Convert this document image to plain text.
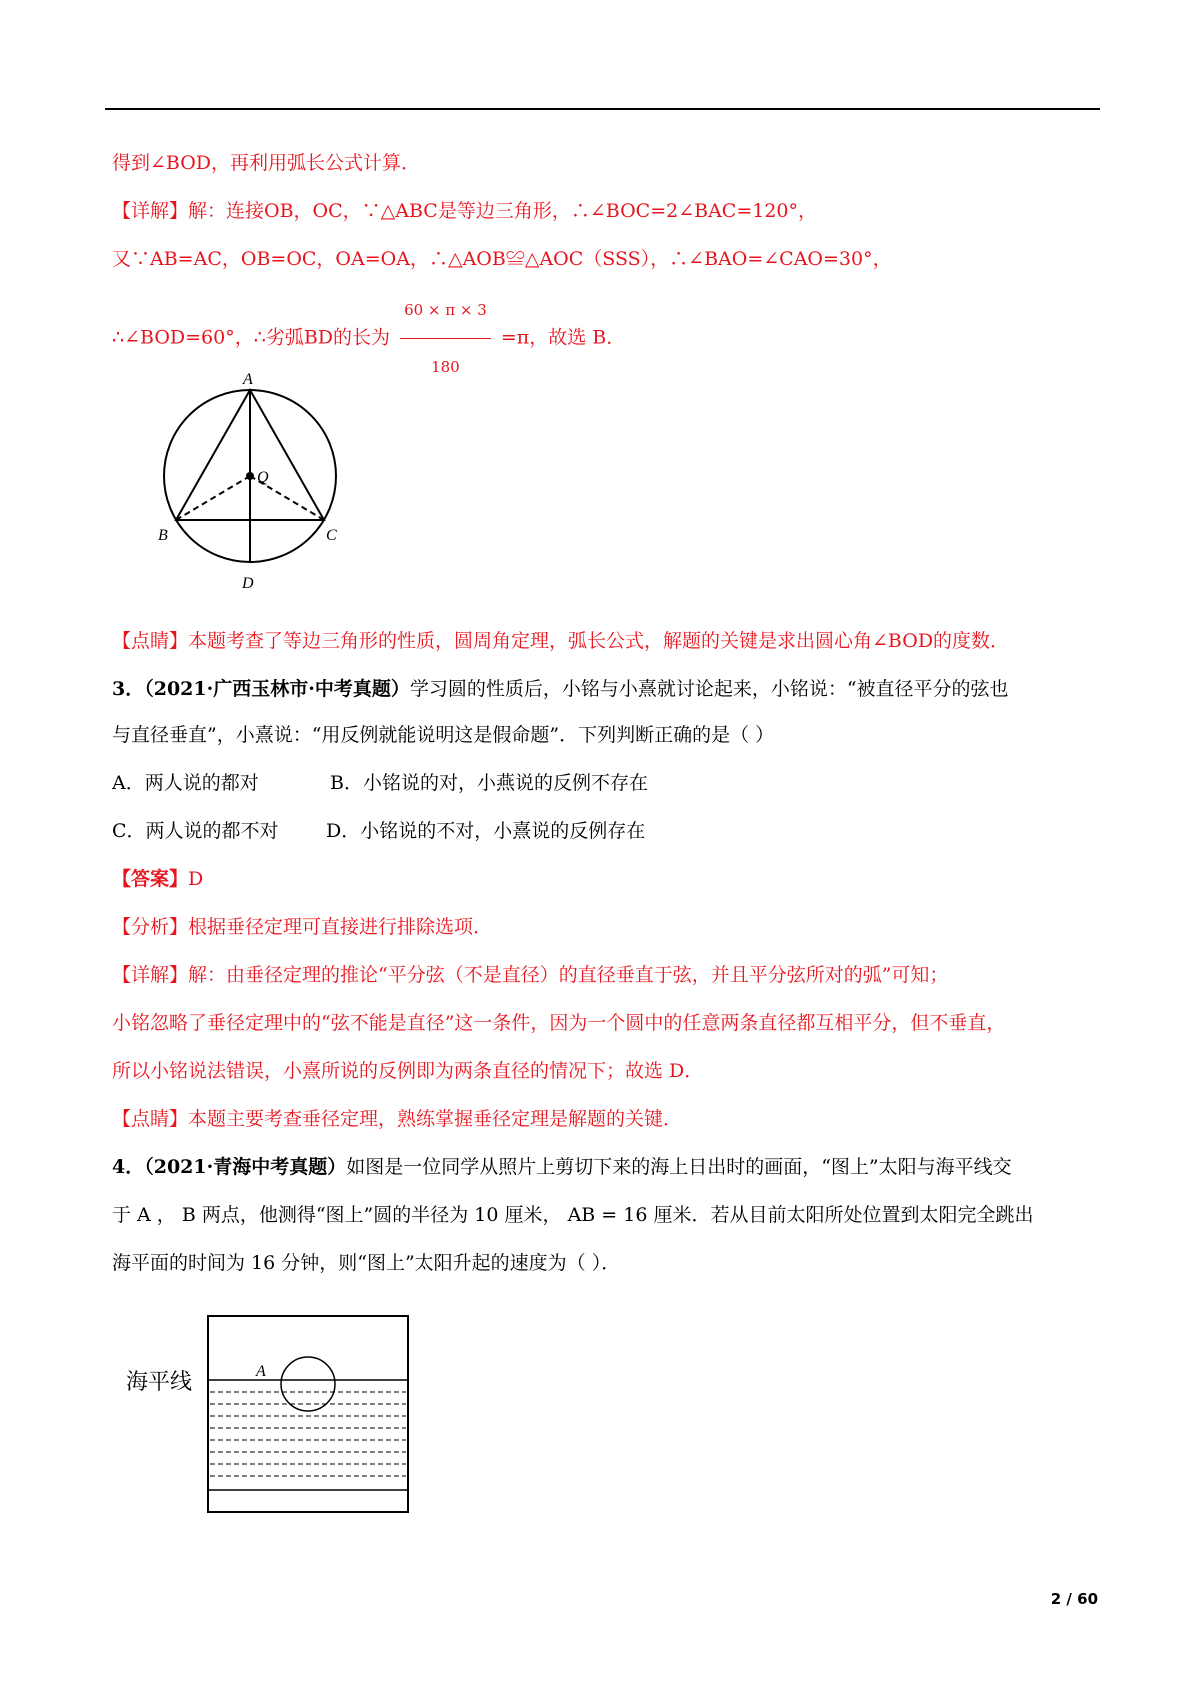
得到∠BOD，再利用弧长公式计算．
【详解】解：连接OB，OC，∵△ABC是等边三角形，∴∠BOC=2∠BAC=120°，
又∵AB=AC，OB=OC，OA=OA，∴△AOB≌△AOC（SSS），∴∠BAO=∠CAO=30°，
∴∠BOD=60°，∴劣弧BD的长为 $\frac{60 \times \pi \times 3}{180} =\pi$，故选 B．
A
Q
B	C
D
【点睛】本题考查了等边三角形的性质，圆周角定理，弧长公式，解题的关键是求出圆心角∠BOD的度数．
3．（2021·广西玉林市·中考真题）学习圆的性质后，小铭与小熹就讨论起来，小铭说：“被直径平分的弦也
与直径垂直”，小熹说：“用反例就能说明这是假命题”．下列判断正确的是（ ）
A．两人说的都对	B．小铭说的对，小燕说的反例不存在
C．两人说的都不对 D．小铭说的不对，小熹说的反例存在
【答案】D
【分析】根据垂径定理可直接进行排除选项．
【详解】解：由垂径定理的推论“平分弦（不是直径）的直径垂直于弦，并且平分弦所对的弧”可知；
小铭忽略了垂径定理中的“弦不能是直径”这一条件，因为一个圆中的任意两条直径都互相平分，但不垂直，
所以小铭说法错误，小熹所说的反例即为两条直径的情况下；故选 D．
【点睛】本题主要考查垂径定理，熟练掌握垂径定理是解题的关键．
4．（2021·青海中考真题）如图是一位同学从照片上剪切下来的海上日出时的画面，“图上”太阳与海平线交
于 A ， B 两点，他测得“图上”圆的半径为 10 厘米， AB = 16 厘米．若从目前太阳所处位置到太阳完全跳出
海平面的时间为 16 分钟，则“图上”太阳升起的速度为（ ）．
A
海平线
2 / 60
